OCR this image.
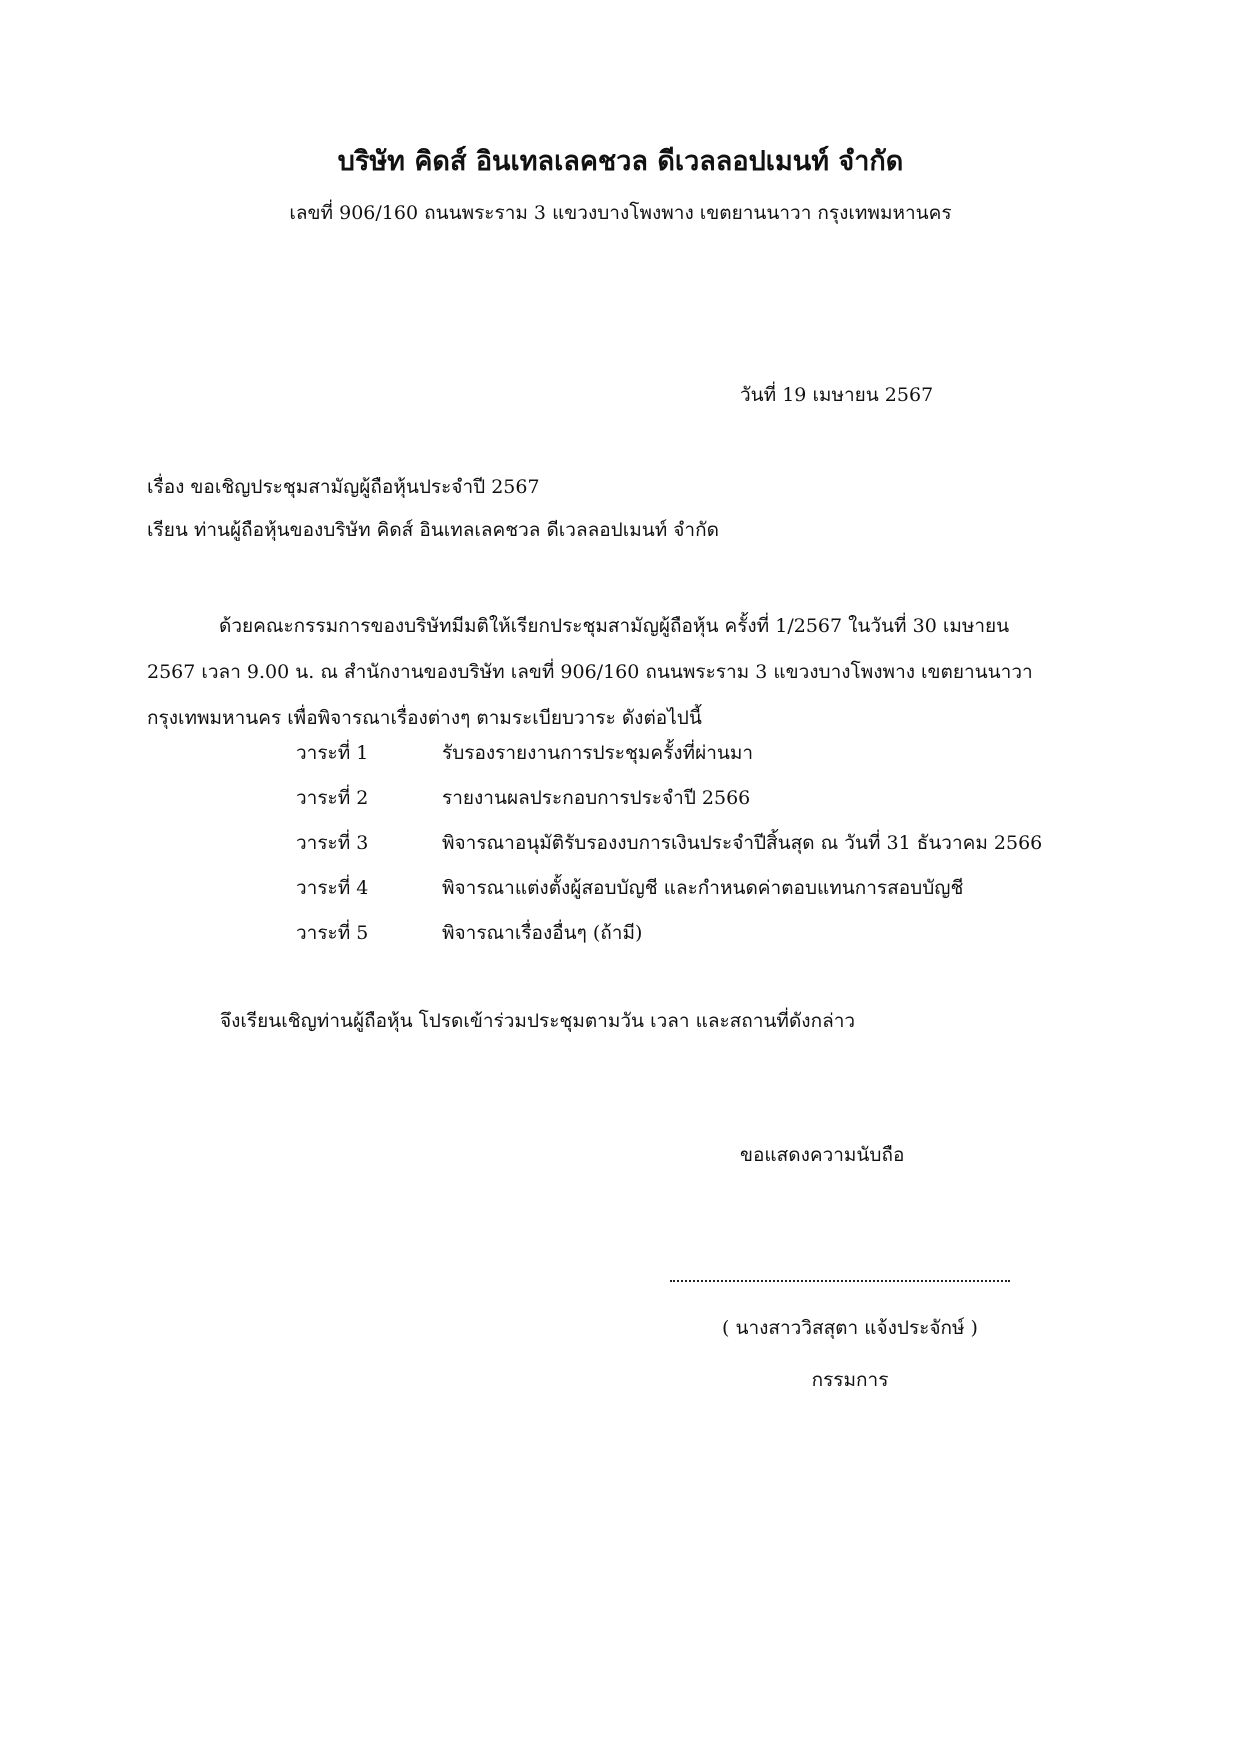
บริษัท คิดส์ อินเทลเลคชวล ดีเวลลอปเมนท์ จำกัด
เลขที่ 906/160 ถนนพระราม 3 แขวงบางโพงพาง เขตยานนาวา กรุงเทพมหานคร
วันที่ 19 เมษายน 2567
เรื่อง ขอเชิญประชุมสามัญผู้ถือหุ้นประจำปี 2567
เรียน ท่านผู้ถือหุ้นของบริษัท คิดส์ อินเทลเลคชวล ดีเวลลอปเมนท์ จำกัด
ด้วยคณะกรรมการของบริษัทมีมติให้เรียกประชุมสามัญผู้ถือหุ้น ครั้งที่ 1/2567 ในวันที่ 30 เมษายน
2567 เวลา 9.00 น. ณ สำนักงานของบริษัท เลขที่ 906/160 ถนนพระราม 3 แขวงบางโพงพาง เขตยานนาวา
กรุงเทพมหานคร เพื่อพิจารณาเรื่องต่างๆ ตามระเบียบวาระ ดังต่อไปนี้
วาระที่ 1	รับรองรายงานการประชุมครั้งที่ผ่านมา
วาระที่ 2	รายงานผลประกอบการประจำปี 2566
วาระที่ 3	พิจารณาอนุมัติรับรองงบการเงินประจำปีสิ้นสุด ณ วันที่ 31 ธันวาคม 2566
วาระที่ 4	พิจารณาแต่งตั้งผู้สอบบัญชี และกำหนดค่าตอบแทนการสอบบัญชี
วาระที่ 5	พิจารณาเรื่องอื่นๆ (ถ้ามี)
จึงเรียนเชิญท่านผู้ถือหุ้น โปรดเข้าร่วมประชุมตามวัน เวลา และสถานที่ดังกล่าว
ขอแสดงความนับถือ
( นางสาววิสสุตา แจ้งประจักษ์ )
กรรมการ
